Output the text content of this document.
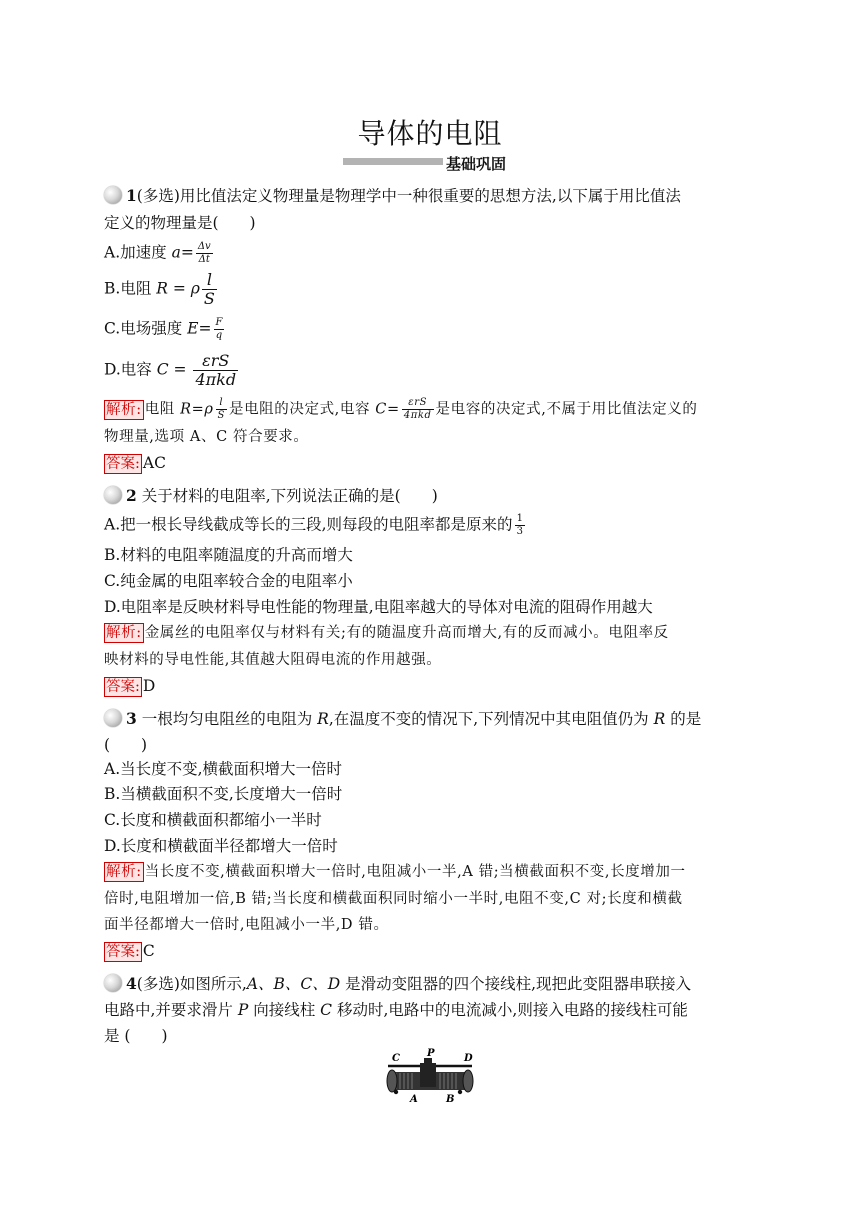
导体的电阻
基础巩固
1(多选)用比值法定义物理量是物理学中一种很重要的思想方法,以下属于用比值法
定义的物理量是(　　)
A.加速度 $a= \frac{\Delta v}{\Delta t}$
B.电阻 R = ρ $\frac{l}{S}$
C.电场强度 $E= \frac{F}{q}$
D.电容 $C = \frac{\text{εrS}}{\text{4πkd}}$
解析: 电阻 $R=\rho \frac{l}{S}$ 是电阻的决定式,电容 $C= \frac{\text{εrS}}{\text{4πkd}}$ 是电容的决定式,不属于用比值法定义的
物理量,选项 A、C 符合要求。
答案: AC
2 关于材料的电阻率,下列说法正确的是(　　)
A.把一根长导线截成等长的三段,则每段的电阻率都是原来的 $\frac{1}{3}$
B.材料的电阻率随温度的升高而增大
C.纯金属的电阻率较合金的电阻率小
D.电阻率是反映材料导电性能的物理量,电阻率越大的导体对电流的阻碍作用越大
解析: 金属丝的电阻率仅与材料有关;有的随温度升高而增大,有的反而减小。电阻率反
映材料的导电性能,其值越大阻碍电流的作用越强。
答案: D
3 一根均匀电阻丝的电阻为 R,在温度不变的情况下,下列情况中其电阻值仍为 R 的是
(　　)
A.当长度不变,横截面积增大一倍时
B.当横截面积不变,长度增大一倍时
C.长度和横截面积都缩小一半时
D.长度和横截面半径都增大一倍时
解析: 当长度不变,横截面积增大一倍时,电阻减小一半,A 错;当横截面积不变,长度增加一
倍时,电阻增加一倍,B 错;当长度和横截面积同时缩小一半时,电阻不变,C 对;长度和横截
面半径都增大一倍时,电阻减小一半,D 错。
答案: C
4(多选)如图所示,A、B、C、D 是滑动变阻器的四个接线柱,现把此变阻器串联接入
电路中,并要求滑片 P 向接线柱 C 移动时,电路中的电流减小,则接入电路的接线柱可能
是 (　　)
C	P	D
A	B
